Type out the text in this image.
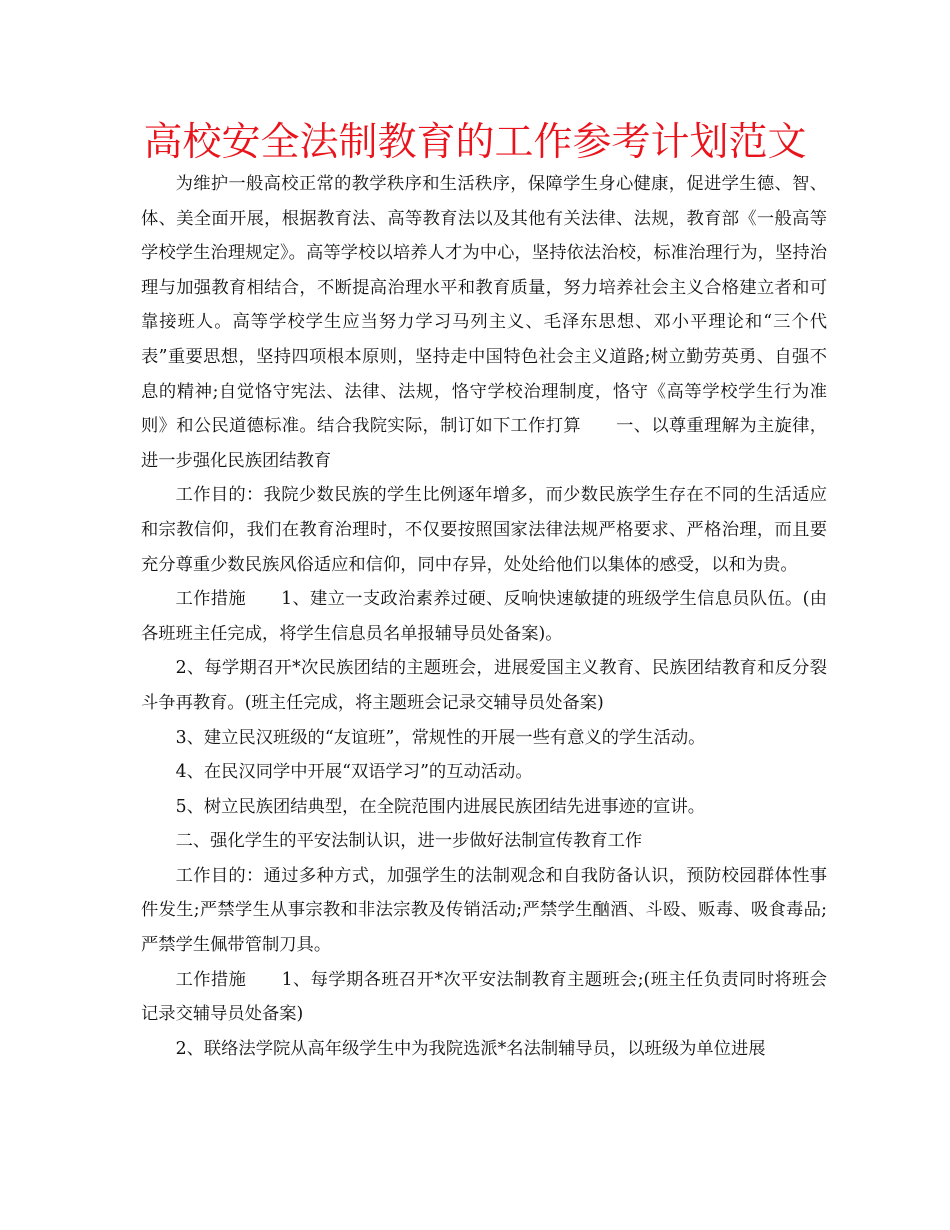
高校安全法制教育的工作参考计划范文

为维护一般高校正常的教学秩序和生活秩序，保障学生身心健康，促进学生德、智、体、美全面开展，根据教育法、高等教育法以及其他有关法律、法规，教育部《一般高等学校学生治理规定》。高等学校以培养人才为中心，坚持依法治校，标准治理行为，坚持治理与加强教育相结合，不断提高治理水平和教育质量，努力培养社会主义合格建立者和可靠接班人。高等学校学生应当努力学习马列主义、毛泽东思想、邓小平理论和“三个代表”重要思想，坚持四项根本原则，坚持走中国特色社会主义道路;树立勤劳英勇、自强不息的精神;自觉恪守宪法、法律、法规，恪守学校治理制度，恪守《高等学校学生行为准则》和公民道德标准。结合我院实际，制订如下工作打算　　一、以尊重理解为主旋律，进一步强化民族团结教育

工作目的：我院少数民族的学生比例逐年增多，而少数民族学生存在不同的生活适应和宗教信仰，我们在教育治理时，不仅要按照国家法律法规严格要求、严格治理，而且要充分尊重少数民族风俗适应和信仰，同中存异，处处给他们以集体的感受，以和为贵。

工作措施　　1、建立一支政治素养过硬、反响快速敏捷的班级学生信息员队伍。(由各班班主任完成，将学生信息员名单报辅导员处备案)。

2、每学期召开*次民族团结的主题班会，进展爱国主义教育、民族团结教育和反分裂斗争再教育。(班主任完成，将主题班会记录交辅导员处备案)

3、建立民汉班级的“友谊班”，常规性的开展一些有意义的学生活动。

4、在民汉同学中开展“双语学习”的互动活动。

5、树立民族团结典型，在全院范围内进展民族团结先进事迹的宣讲。

二、强化学生的平安法制认识，进一步做好法制宣传教育工作

工作目的：通过多种方式，加强学生的法制观念和自我防备认识，预防校园群体性事件发生;严禁学生从事宗教和非法宗教及传销活动;严禁学生酗酒、斗殴、贩毒、吸食毒品;严禁学生佩带管制刀具。

工作措施　　1、每学期各班召开*次平安法制教育主题班会;(班主任负责同时将班会记录交辅导员处备案)

2、联络法学院从高年级学生中为我院选派*名法制辅导员，以班级为单位进展
